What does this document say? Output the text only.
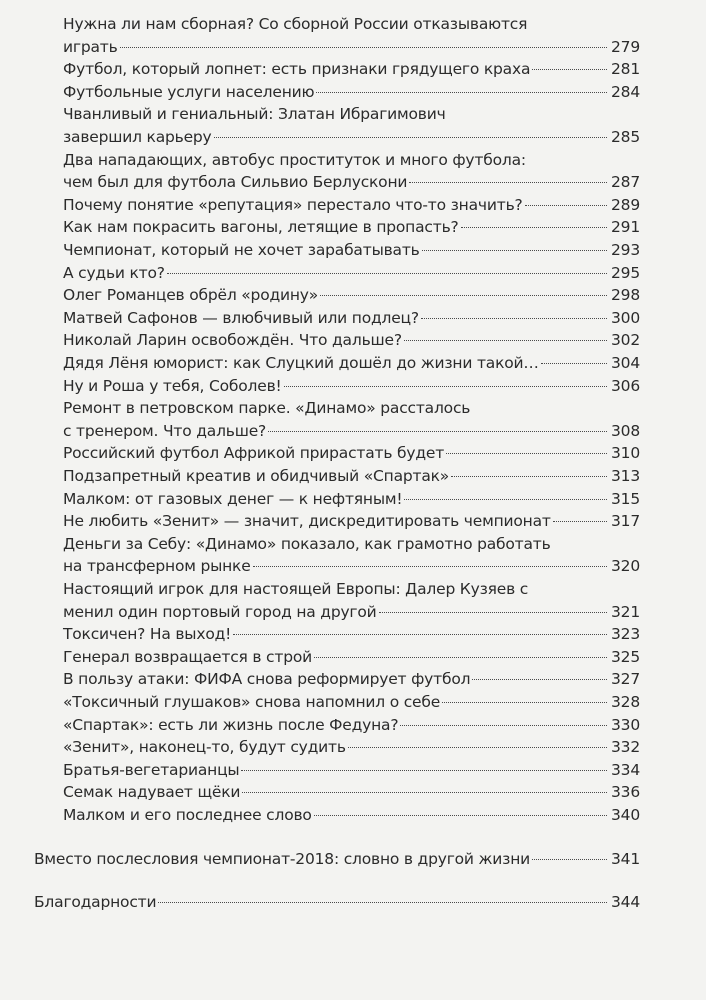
Нужна ли нам сборная? Со сборной России отказываются
играть	279
Футбол, который лопнет: есть признаки грядущего краха	281
Футбольные услуги населению	284
Чванливый и гениальный: Златан Ибрагимович
завершил карьеру	285
Два нападающих, автобус проституток и много футбола:
чем был для футбола Сильвио Берлускони	287
Почему понятие «репутация» перестало что-то значить?	289
Как нам покрасить вагоны, летящие в пропасть?	291
Чемпионат, который не хочет зарабатывать	293
А судьи кто?	295
Олег Романцев обрёл «родину»	298
Матвей Сафонов — влюбчивый или подлец?	300
Николай Ларин освобождён. Что дальше?	302
Дядя Лёня юморист: как Слуцкий дошёл до жизни такой…	304
Ну и Роша у тебя, Соболев!	306
Ремонт в петровском парке. «Динамо» рассталось
с тренером. Что дальше?	308
Российский футбол Африкой прирастать будет	310
Подзапретный креатив и обидчивый «Спартак»	313
Малком: от газовых денег — к нефтяным!	315
Не любить «Зенит» — значит, дискредитировать чемпионат	317
Деньги за Себу: «Динамо» показало, как грамотно работать
на трансферном рынке	320
Настоящий игрок для настоящей Европы: Далер Кузяев с
менил один портовый город на другой	321
Токсичен? На выход!	323
Генерал возвращается в строй	325
В пользу атаки: ФИФА снова реформирует футбол	327
«Токсичный глушаков» снова напомнил о себе	328
«Спартак»: есть ли жизнь после Федуна?	330
«Зенит», наконец-то, будут судить	332
Братья-вегетарианцы	334
Семак надувает щёки	336
Малком и его последнее слово	340
Вместо послесловия чемпионат-2018: словно в другой жизни	341
Благодарности	344
